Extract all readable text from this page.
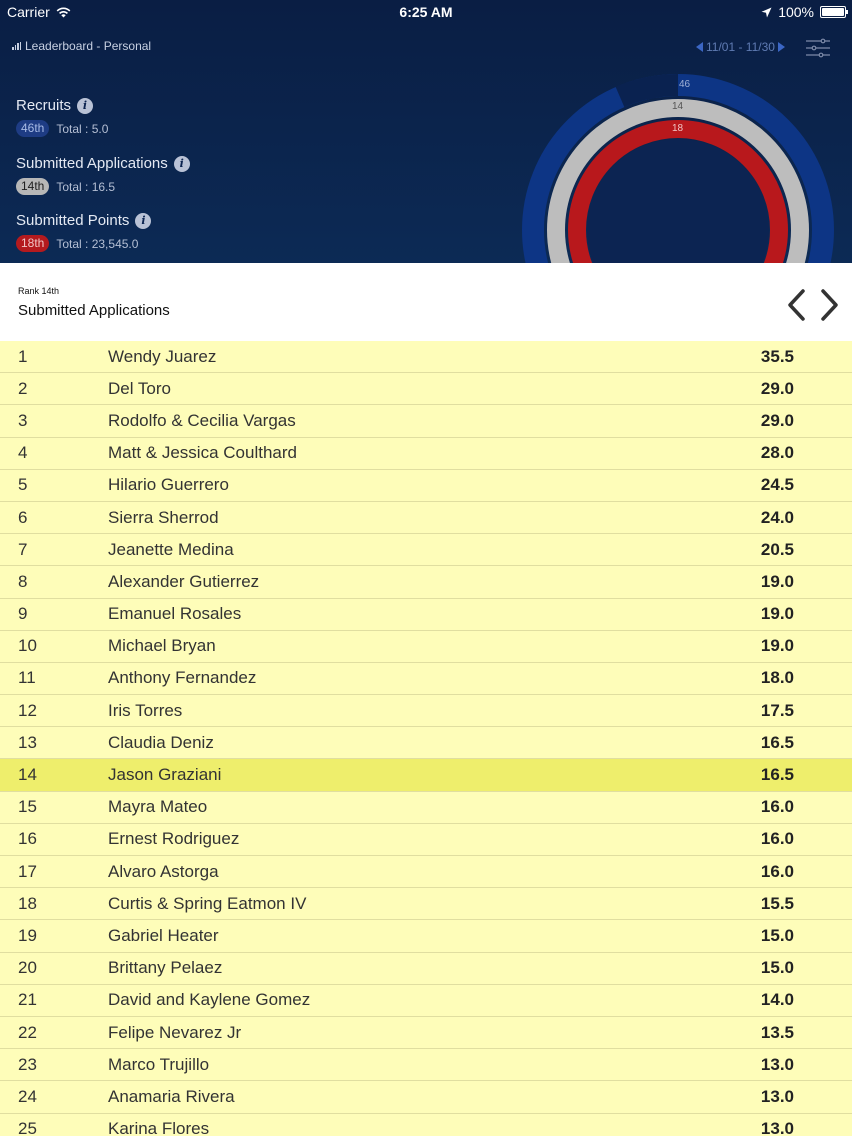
Carrier	6:25 AM	100%
Leaderboard - Personal	11/01 - 11/30
Recruits	i
46th	Total : 5.0
Submitted Applications	i
14th	Total : 16.5
Submitted Points	i
18th	Total : 23,545.0
46
14
18
Rank 14th
Submitted Applications
1	Wendy Juarez	35.5
2	Del Toro	29.0
3	Rodolfo & Cecilia Vargas	29.0
4	Matt & Jessica Coulthard	28.0
5	Hilario Guerrero	24.5
6	Sierra Sherrod	24.0
7	Jeanette Medina	20.5
8	Alexander Gutierrez	19.0
9	Emanuel Rosales	19.0
10	Michael Bryan	19.0
11	Anthony Fernandez	18.0
12	Iris Torres	17.5
13	Claudia Deniz	16.5
14	Jason Graziani	16.5
15	Mayra Mateo	16.0
16	Ernest Rodriguez	16.0
17	Alvaro Astorga	16.0
18	Curtis & Spring Eatmon IV	15.5
19	Gabriel Heater	15.0
20	Brittany Pelaez	15.0
21	David and Kaylene Gomez	14.0
22	Felipe Nevarez Jr	13.5
23	Marco Trujillo	13.0
24	Anamaria Rivera	13.0
25	Karina Flores	13.0
